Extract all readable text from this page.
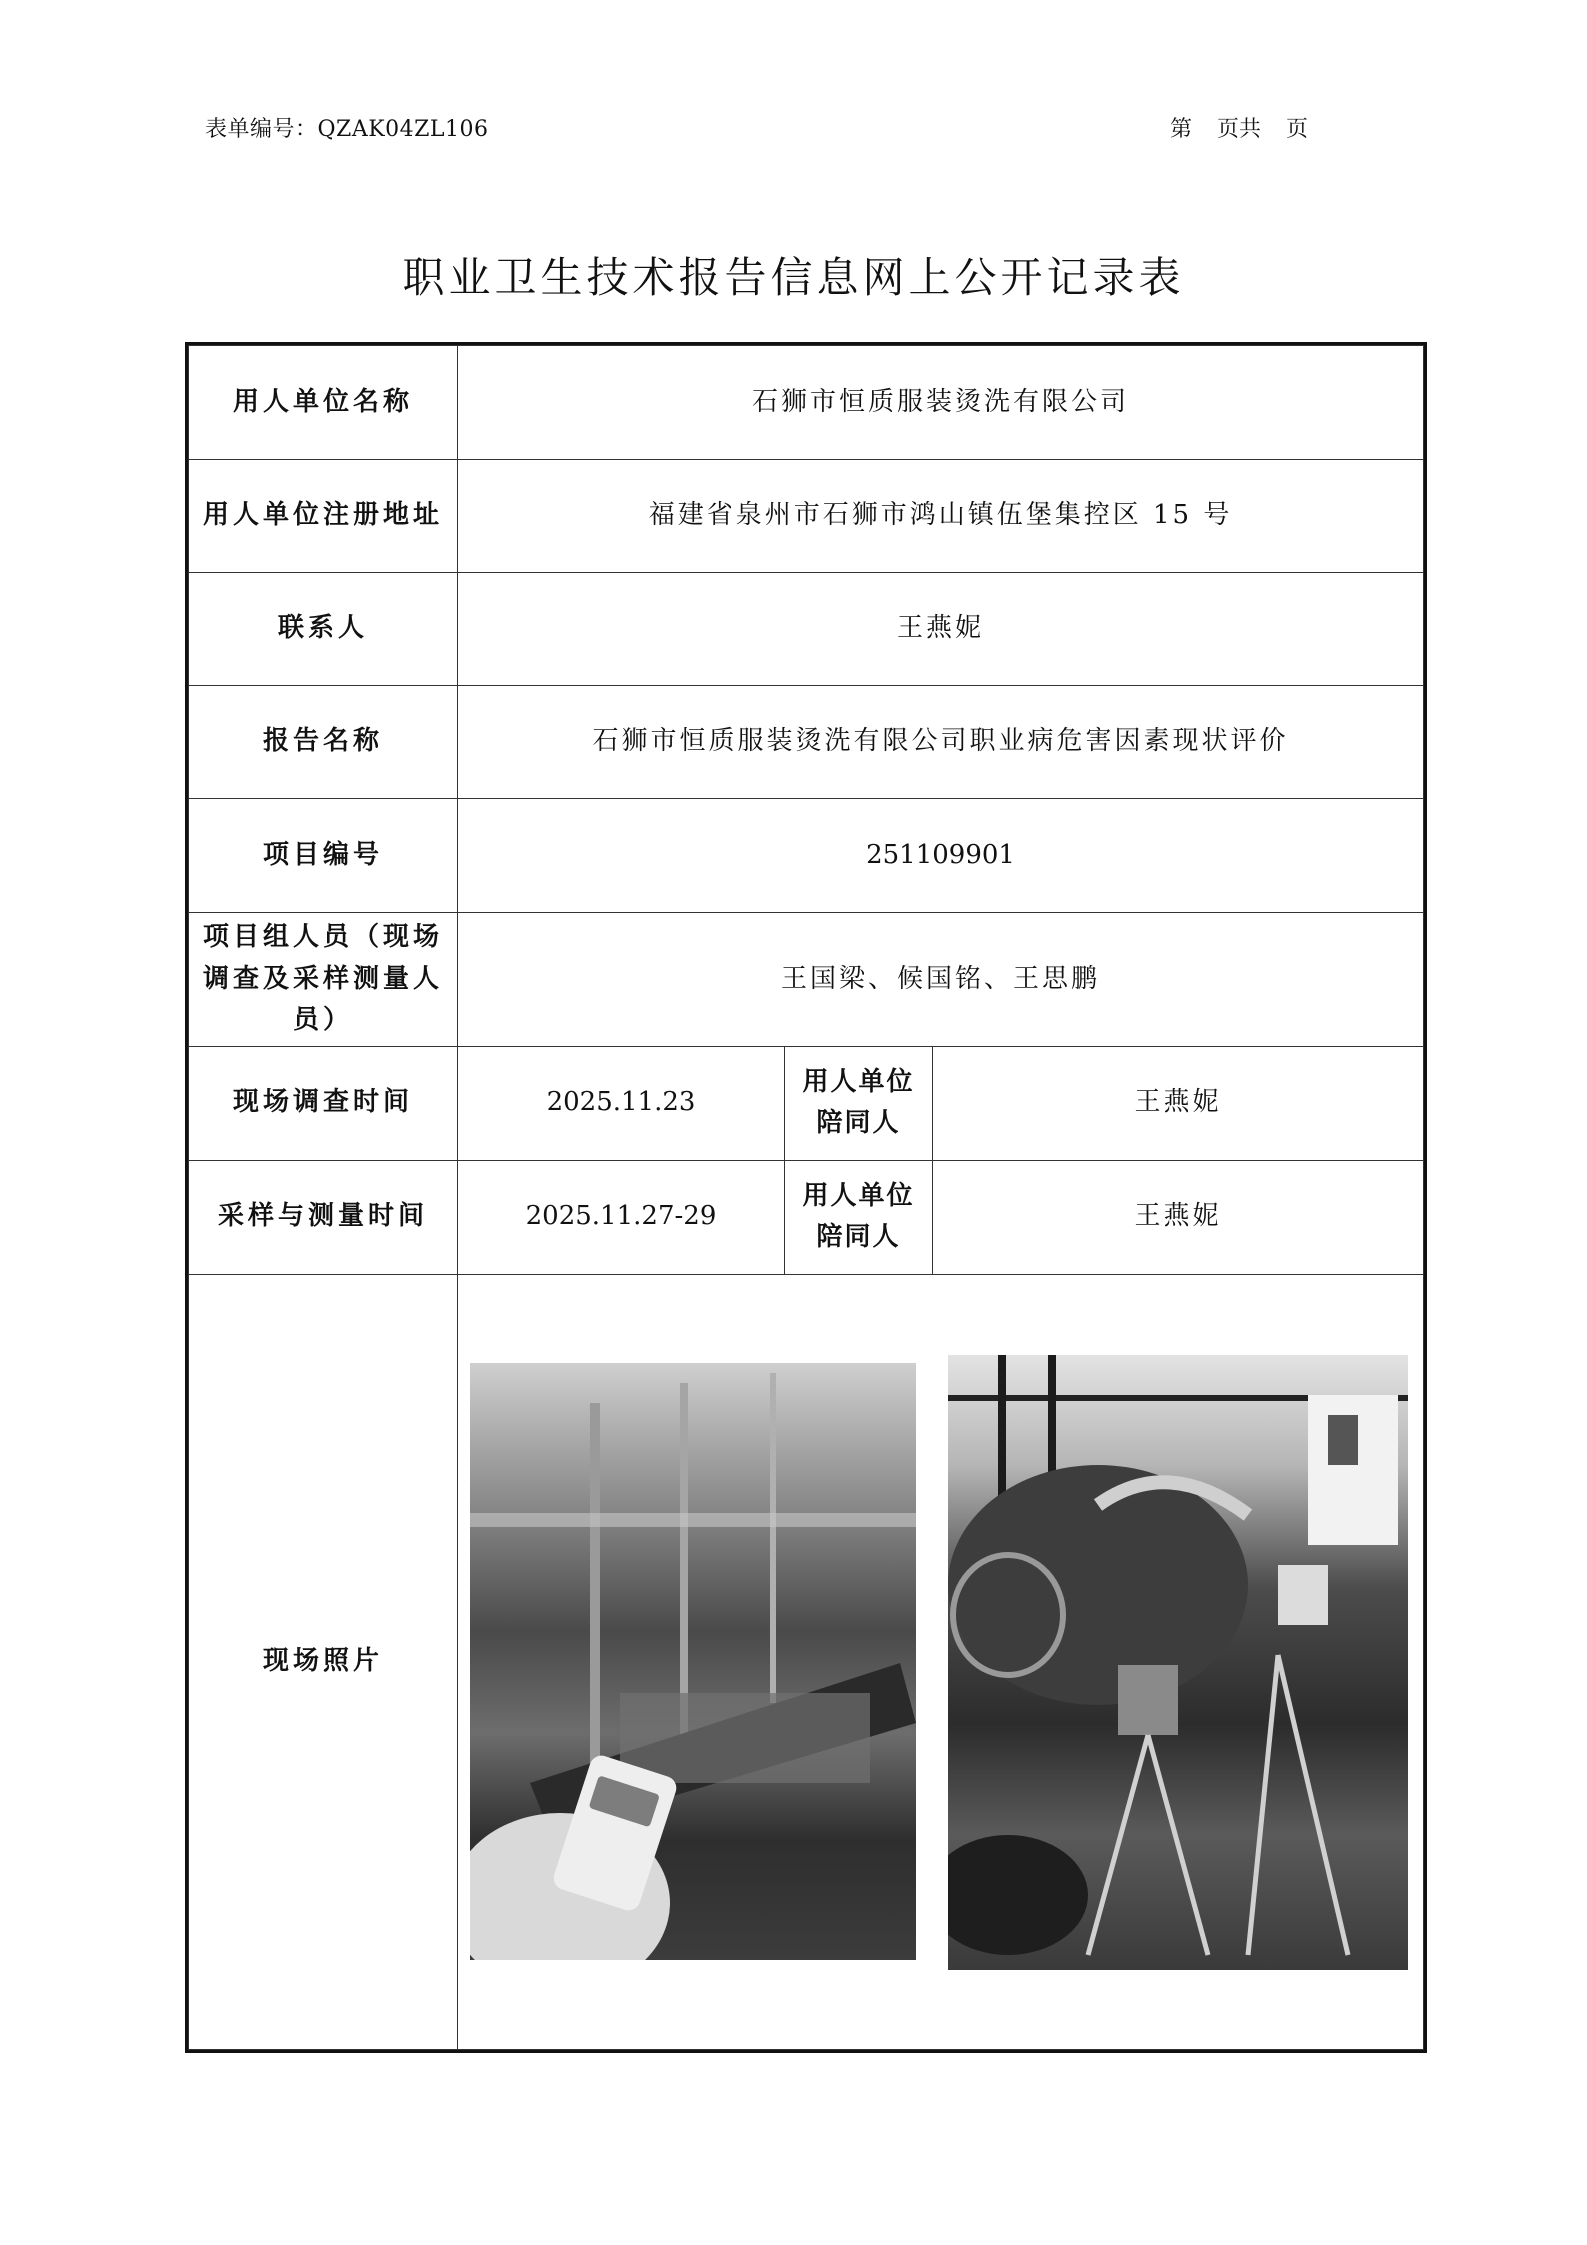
表单编号：QZAK04ZL106	第 页共 页
职业卫生技术报告信息网上公开记录表
用人单位名称	石狮市恒质服装烫洗有限公司		
用人单位注册地址	福建省泉州市石狮市鸿山镇伍堡集控区 15 号		
联系人	王燕妮		
报告名称	石狮市恒质服装烫洗有限公司职业病危害因素现状评价		
项目编号	251109901		
项目组人员（现场调查及采样测量人员）	王国梁、候国铭、王思鹏		
现场调查时间	2025.11.23	用人单位陪同人	王燕妮
采样与测量时间	2025.11.27-29	用人单位陪同人	王燕妮
现场照片	
